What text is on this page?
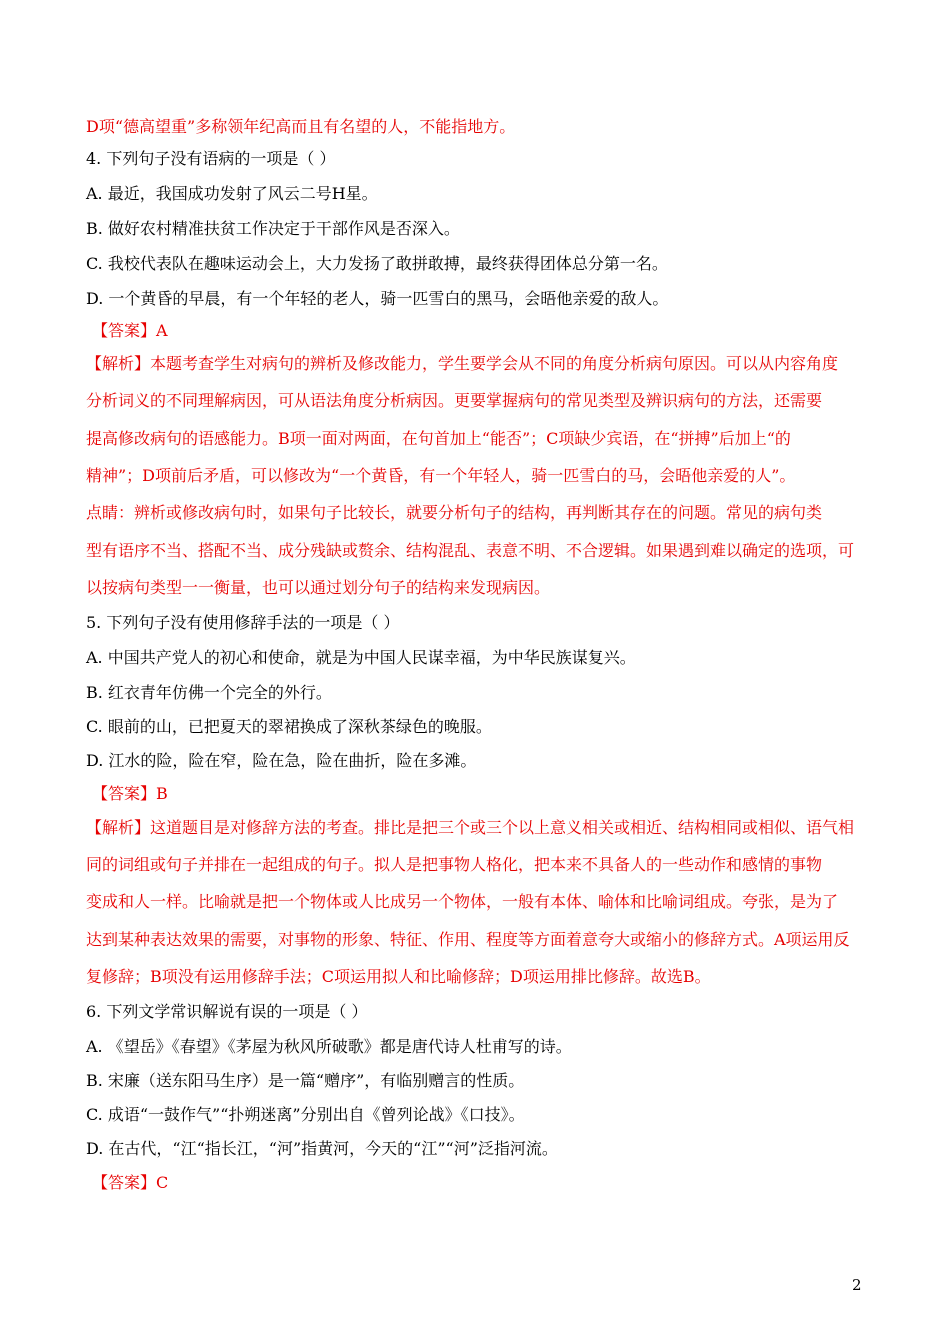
D项“德高望重”多称领年纪高而且有名望的人，不能指地方。
4. 下列句子没有语病的一项是（ ）
A. 最近，我国成功发射了风云二号H星。
B. 做好农村精准扶贫工作决定于干部作风是否深入。
C. 我校代表队在趣味运动会上，大力发扬了敢拼敢搏，最终获得团体总分第一名。
D. 一个黄昏的早晨，有一个年轻的老人，骑一匹雪白的黑马，会晤他亲爱的敌人。
【答案】A
【解析】本题考查学生对病句的辨析及修改能力，学生要学会从不同的角度分析病句原因。可以从内容角度
分析词义的不同理解病因，可从语法角度分析病因。更要掌握病句的常见类型及辨识病句的方法，还需要
提高修改病句的语感能力。B项一面对两面，在句首加上“能否”；C项缺少宾语，在“拼搏”后加上“的
精神”；D项前后矛盾，可以修改为“一个黄昏，有一个年轻人，骑一匹雪白的马，会晤他亲爱的人”。
点睛：辨析或修改病句时，如果句子比较长，就要分析句子的结构，再判断其存在的问题。常见的病句类
型有语序不当、搭配不当、成分残缺或赘余、结构混乱、表意不明、不合逻辑。如果遇到难以确定的选项，可
以按病句类型一一衡量，也可以通过划分句子的结构来发现病因。
5. 下列句子没有使用修辞手法的一项是（ ）
A. 中国共产党人的初心和使命，就是为中国人民谋幸福，为中华民族谋复兴。
B. 红衣青年仿佛一个完全的外行。
C. 眼前的山，已把夏天的翠裙换成了深秋茶绿色的晚服。
D. 江水的险，险在窄，险在急，险在曲折，险在多滩。
【答案】B
【解析】这道题目是对修辞方法的考查。排比是把三个或三个以上意义相关或相近、结构相同或相似、语气相
同的词组或句子并排在一起组成的句子。拟人是把事物人格化，把本来不具备人的一些动作和感情的事物
变成和人一样。比喻就是把一个物体或人比成另一个物体，一般有本体、喻体和比喻词组成。夸张，是为了
达到某种表达效果的需要，对事物的形象、特征、作用、程度等方面着意夸大或缩小的修辞方式。A项运用反
复修辞；B项没有运用修辞手法；C项运用拟人和比喻修辞；D项运用排比修辞。故选B。
6. 下列文学常识解说有误的一项是（ ）
A. 《望岳》《春望》《茅屋为秋风所破歌》都是唐代诗人杜甫写的诗。
B. 宋廉（送东阳马生序）是一篇“赠序”，有临别赠言的性质。
C. 成语“一鼓作气”“扑朔迷离”分别出自《曾列论战》《口技》。
D. 在古代，“江“指长江，“河”指黄河，今天的“江”“河”泛指河流。
【答案】C
2
